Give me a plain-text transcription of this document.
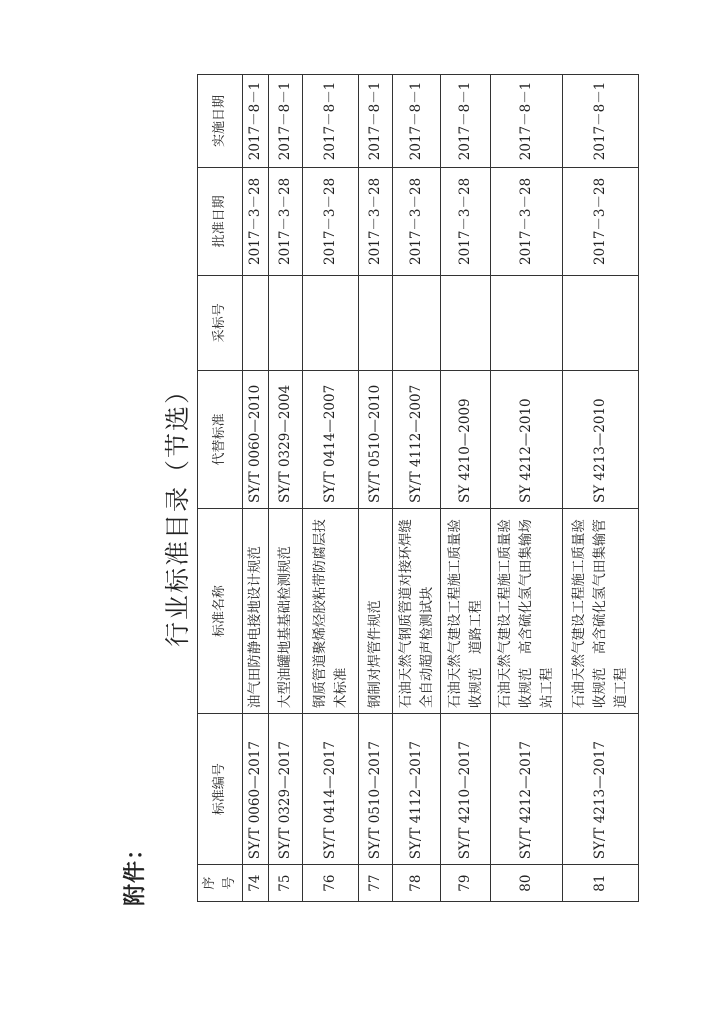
附件：
行业标准目录（节选）
序号	标准编号	标准名称	代替标准	采标号	批准日期	实施日期
74	SY/T 0060—2017	油气田防静电接地设计规范	SY/T 0060—2010		2017－3－28	2017－8－1
75	SY/T 0329—2017	大型油罐地基基础检测规范	SY/T 0329—2004		2017－3－28	2017－8－1
76	SY/T 0414—2017	钢质管道聚烯烃胶粘带防腐层技术标准	SY/T 0414—2007		2017－3－28	2017－8－1
77	SY/T 0510—2017	钢制对焊管件规范	SY/T 0510—2010		2017－3－28	2017－8－1
78	SY/T 4112—2017	石油天然气钢质管道对接环焊缝全自动超声检测试块	SY/T 4112—2007		2017－3－28	2017－8－1
79	SY/T 4210—2017	石油天然气建设工程施工质量验收规范　道路工程	SY 4210—2009		2017－3－28	2017－8－1
80	SY/T 4212—2017	石油天然气建设工程施工质量验收规范　高含硫化氢气田集输场站工程	SY 4212—2010		2017－3－28	2017－8－1
81	SY/T 4213—2017	石油天然气建设工程施工质量验收规范　高含硫化氢气田集输管道工程	SY 4213—2010		2017－3－28	2017－8－1
